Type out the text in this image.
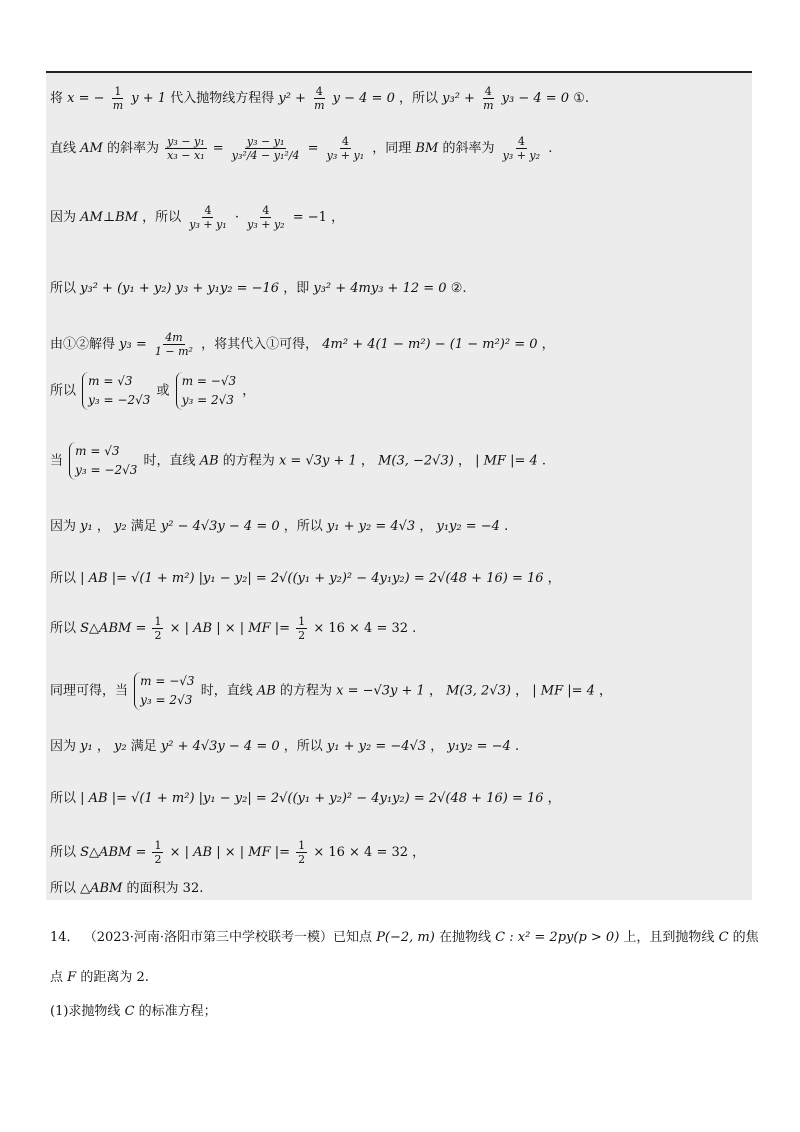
将 x = − $\frac{1}{m}$ y + 1 代入抛物线方程得 $y^2 + \frac{4}{m}$ y − 4 = 0 ，所以 $y_3^2 + \frac{4}{m} y_3 - 4 = 0$ ①.
直线 AM 的斜率为 $\frac{\text{y₃ − y₁}}{\text{x₃ − x₁}} = \frac{\text{y₃ − y₁}}{\text{y₃²/4 − y₁²/4}} = \frac{4}{\text{y₃ + y₁}}$ ，同理 BM 的斜率为 $\frac{4}{\text{y₃ + y₂}}$ .
因为 AM⊥BM ，所以 $\frac{4}{\text{y₃ + y₁}} \cdot \frac{4}{\text{y₃ + y₂}} = -1$ ，
所以 y₃² + (y₁ + y₂) y₃ + y₁y₂ = −16 ，即 y₃² + 4my₃ + 12 = 0 ②.
由①②解得 $y_3 = \frac{4m}{\text{1 − m²}}$ ，将其代入①可得， 4m² + 4(1 − m²) − (1 − m²)² = 0 ，
所以
m = √3
y₃ = −2√3
或
m = −√3
y₃ = 2√3
，
当
m = √3
y₃ = −2√3
时，直线 AB 的方程为 x = √3y + 1 ， M(3, −2√3) ， | MF |= 4 .
因为 y₁ ， y₂ 满足 y² − 4√3y − 4 = 0 ，所以 y₁ + y₂ = 4√3 ， y₁y₂ = −4 .
所以 | AB |= √(1 + m²) |y₁ − y₂| = 2√((y₁ + y₂)² − 4y₁y₂) = 2√(48 + 16) = 16 ，
所以 S△ABM = $\frac{1}{2}$ × | AB | × | MF |= $\frac{1}{2} \times 16 \times 4 = 32$ .
同理可得，当
m = −√3
y₃ = 2√3
时，直线 AB 的方程为 x = −√3y + 1 ， M(3, 2√3) ， | MF |= 4 ，
因为 y₁ ， y₂ 满足 y² + 4√3y − 4 = 0 ，所以 y₁ + y₂ = −4√3 ， y₁y₂ = −4 .
所以 | AB |= √(1 + m²) |y₁ − y₂| = 2√((y₁ + y₂)² − 4y₁y₂) = 2√(48 + 16) = 16 ，
所以 S△ABM = $\frac{1}{2}$ × | AB | × | MF |= $\frac{1}{2} \times 16 \times 4 = 32$ ，
所以 △ABM 的面积为 32.
14． （2023·河南·洛阳市第三中学校联考一模）已知点 P(−2, m) 在抛物线 C : x² = 2py(p > 0) 上，且到抛物线 C 的焦
点 F 的距离为 2.
(1)求抛物线 C 的标准方程；
